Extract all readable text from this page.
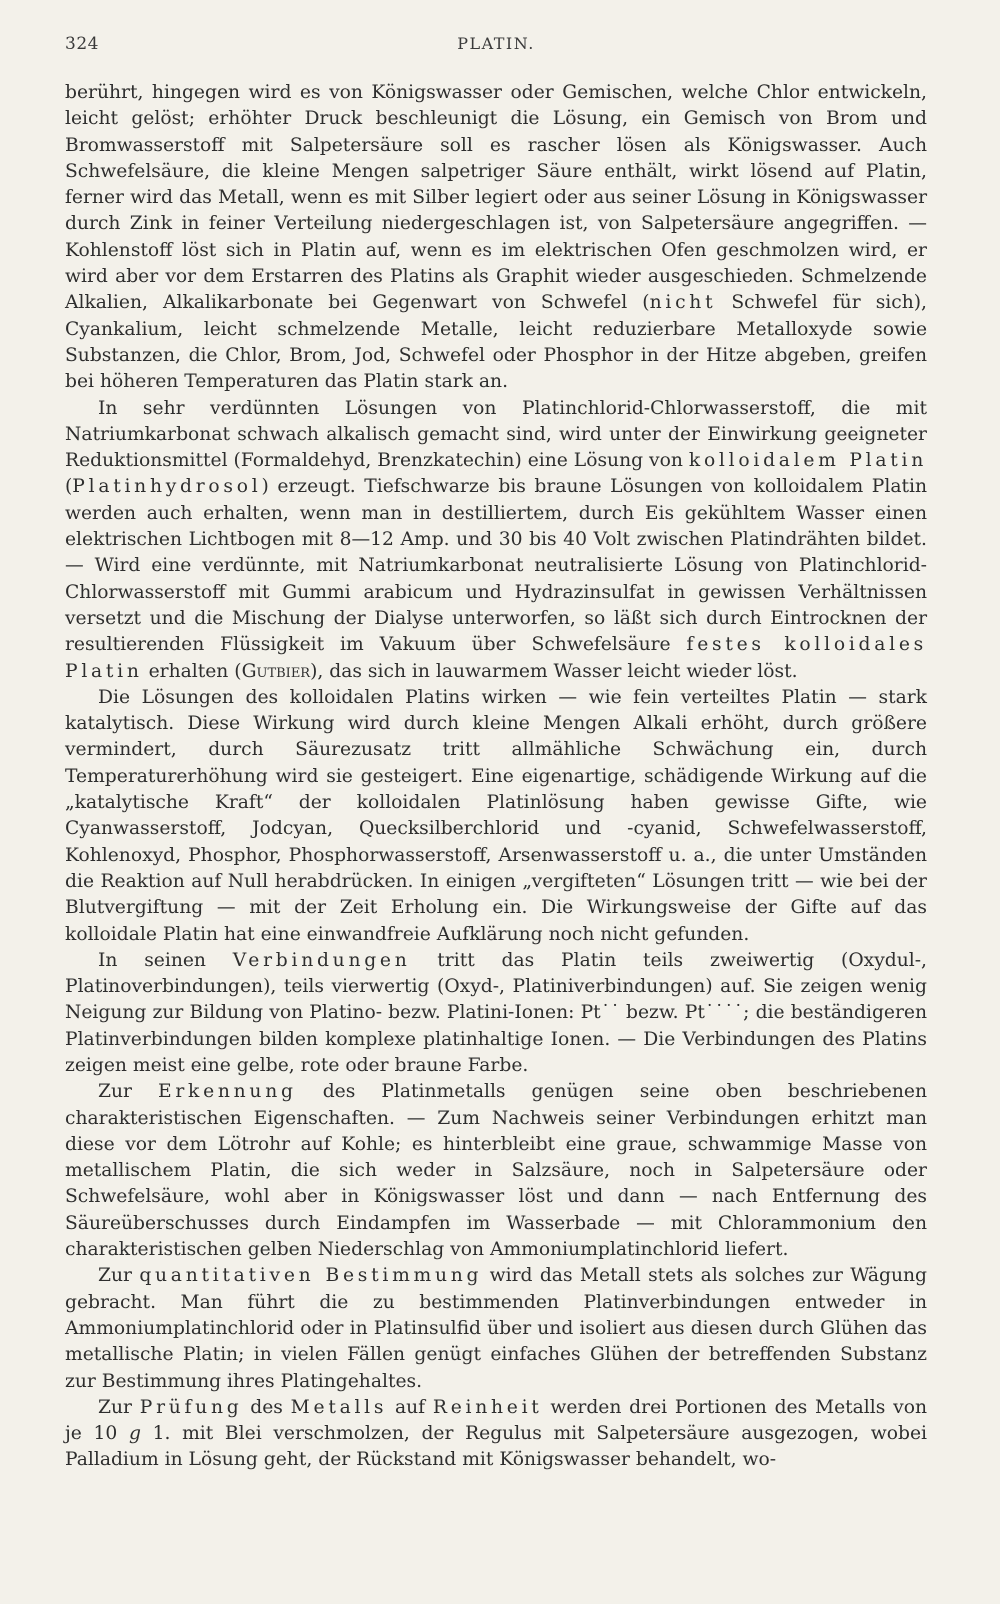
324	PLATIN.

berührt, hingegen wird es von Königswasser oder Gemischen, welche Chlor entwickeln, leicht gelöst; erhöhter Druck beschleunigt die Lösung, ein Gemisch von Brom und Bromwasserstoff mit Salpetersäure soll es rascher lösen als Königswasser. Auch Schwefelsäure, die kleine Mengen salpetriger Säure enthält, wirkt lösend auf Platin, ferner wird das Metall, wenn es mit Silber legiert oder aus seiner Lösung in Königswasser durch Zink in feiner Verteilung niedergeschlagen ist, von Salpetersäure angegriffen. — Kohlenstoff löst sich in Platin auf, wenn es im elektrischen Ofen geschmolzen wird, er wird aber vor dem Erstarren des Platins als Graphit wieder ausgeschieden. Schmelzende Alkalien, Alkalikarbonate bei Gegenwart von Schwefel (nicht Schwefel für sich), Cyankalium, leicht schmelzende Metalle, leicht reduzierbare Metalloxyde sowie Substanzen, die Chlor, Brom, Jod, Schwefel oder Phosphor in der Hitze abgeben, greifen bei höheren Temperaturen das Platin stark an.

In sehr verdünnten Lösungen von Platinchlorid-Chlorwasserstoff, die mit Natriumkarbonat schwach alkalisch gemacht sind, wird unter der Einwirkung geeigneter Reduktionsmittel (Formaldehyd, Brenzkatechin) eine Lösung von kolloidalem Platin (Platinhydrosol) erzeugt. Tiefschwarze bis braune Lösungen von kolloidalem Platin werden auch erhalten, wenn man in destilliertem, durch Eis gekühltem Wasser einen elektrischen Lichtbogen mit 8—12 Amp. und 30 bis 40 Volt zwischen Platindrähten bildet. — Wird eine verdünnte, mit Natriumkarbonat neutralisierte Lösung von Platinchlorid-Chlorwasserstoff mit Gummi arabicum und Hydrazinsulfat in gewissen Verhältnissen versetzt und die Mischung der Dialyse unterworfen, so läßt sich durch Eintrocknen der resultierenden Flüssigkeit im Vakuum über Schwefelsäure festes kolloidales Platin erhalten (Gutbier), das sich in lauwarmem Wasser leicht wieder löst.

Die Lösungen des kolloidalen Platins wirken — wie fein verteiltes Platin — stark katalytisch. Diese Wirkung wird durch kleine Mengen Alkali erhöht, durch größere vermindert, durch Säurezusatz tritt allmähliche Schwächung ein, durch Temperaturerhöhung wird sie gesteigert. Eine eigenartige, schädigende Wirkung auf die „katalytische Kraft“ der kolloidalen Platinlösung haben gewisse Gifte, wie Cyanwasserstoff, Jodcyan, Quecksilberchlorid und -cyanid, Schwefelwasserstoff, Kohlenoxyd, Phosphor, Phosphorwasserstoff, Arsenwasserstoff u. a., die unter Umständen die Reaktion auf Null herabdrücken. In einigen „vergifteten“ Lösungen tritt — wie bei der Blutvergiftung — mit der Zeit Erholung ein. Die Wirkungsweise der Gifte auf das kolloidale Platin hat eine einwandfreie Aufklärung noch nicht gefunden.

In seinen Verbindungen tritt das Platin teils zweiwertig (Oxydul-, Platinoverbindungen), teils vierwertig (Oxyd-, Platiniverbindungen) auf. Sie zeigen wenig Neigung zur Bildung von Platino- bezw. Platini-Ionen: Pt˙˙ bezw. Pt˙˙˙˙; die beständigeren Platinverbindungen bilden komplexe platinhaltige Ionen. — Die Verbindungen des Platins zeigen meist eine gelbe, rote oder braune Farbe.

Zur Erkennung des Platinmetalls genügen seine oben beschriebenen charakteristischen Eigenschaften. — Zum Nachweis seiner Verbindungen erhitzt man diese vor dem Lötrohr auf Kohle; es hinterbleibt eine graue, schwammige Masse von metallischem Platin, die sich weder in Salzsäure, noch in Salpetersäure oder Schwefelsäure, wohl aber in Königswasser löst und dann — nach Entfernung des Säureüberschusses durch Eindampfen im Wasserbade — mit Chlorammonium den charakteristischen gelben Niederschlag von Ammoniumplatinchlorid liefert.

Zur quantitativen Bestimmung wird das Metall stets als solches zur Wägung gebracht. Man führt die zu bestimmenden Platinverbindungen entweder in Ammoniumplatinchlorid oder in Platinsulfid über und isoliert aus diesen durch Glühen das metallische Platin; in vielen Fällen genügt einfaches Glühen der betreffenden Substanz zur Bestimmung ihres Platingehaltes.

Zur Prüfung des Metalls auf Reinheit werden drei Portionen des Metalls von je 10 g 1. mit Blei verschmolzen, der Regulus mit Salpetersäure ausgezogen, wobei Palladium in Lösung geht, der Rückstand mit Königswasser behandelt, wo-
